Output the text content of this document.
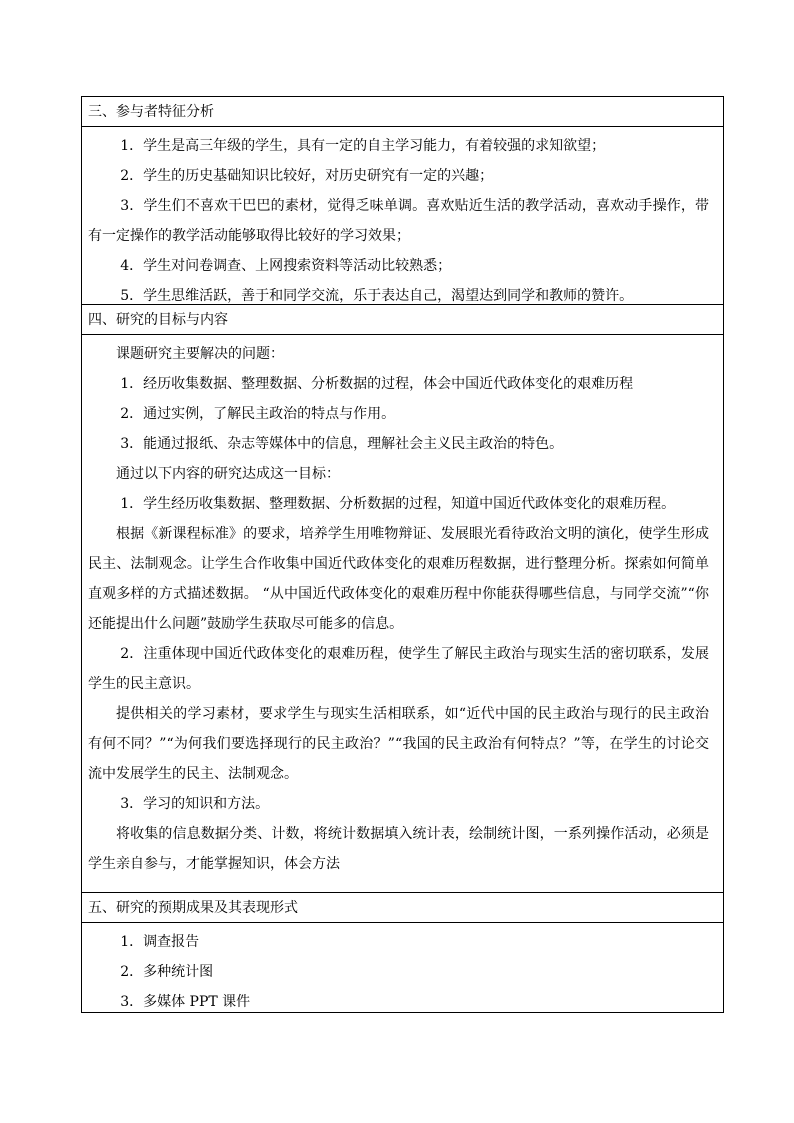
三、参与者特征分析

1．学生是高三年级的学生，具有一定的自主学习能力，有着较强的求知欲望；

2．学生的历史基础知识比较好，对历史研究有一定的兴趣；

3．学生们不喜欢干巴巴的素材，觉得乏味单调。喜欢贴近生活的教学活动，喜欢动手操作，带有一定操作的教学活动能够取得比较好的学习效果；

4．学生对问卷调查、上网搜索资料等活动比较熟悉；

5．学生思维活跃，善于和同学交流，乐于表达自己，渴望达到同学和教师的赞许。

四、研究的目标与内容

课题研究主要解决的问题：

1．经历收集数据、整理数据、分析数据的过程，体会中国近代政体变化的艰难历程

2．通过实例，了解民主政治的特点与作用。

3．能通过报纸、杂志等媒体中的信息，理解社会主义民主政治的特色。

通过以下内容的研究达成这一目标：

1．学生经历收集数据、整理数据、分析数据的过程，知道中国近代政体变化的艰难历程。

根据《新课程标准》的要求，培养学生用唯物辩证、发展眼光看待政治文明的演化，使学生形成民主、法制观念。让学生合作收集中国近代政体变化的艰难历程数据，进行整理分析。探索如何简单直观多样的方式描述数据。 “从中国近代政体变化的艰难历程中你能获得哪些信息，与同学交流”“你还能提出什么问题”鼓励学生获取尽可能多的信息。

2．注重体现中国近代政体变化的艰难历程，使学生了解民主政治与现实生活的密切联系，发展学生的民主意识。

提供相关的学习素材，要求学生与现实生活相联系，如“近代中国的民主政治与现行的民主政治有何不同？”“为何我们要选择现行的民主政治？”“我国的民主政治有何特点？”等，在学生的讨论交流中发展学生的民主、法制观念。

3．学习的知识和方法。

将收集的信息数据分类、计数，将统计数据填入统计表，绘制统计图，一系列操作活动，必须是学生亲自参与，才能掌握知识，体会方法

五、研究的预期成果及其表现形式

1．调查报告

2．多种统计图

3．多媒体 PPT 课件
